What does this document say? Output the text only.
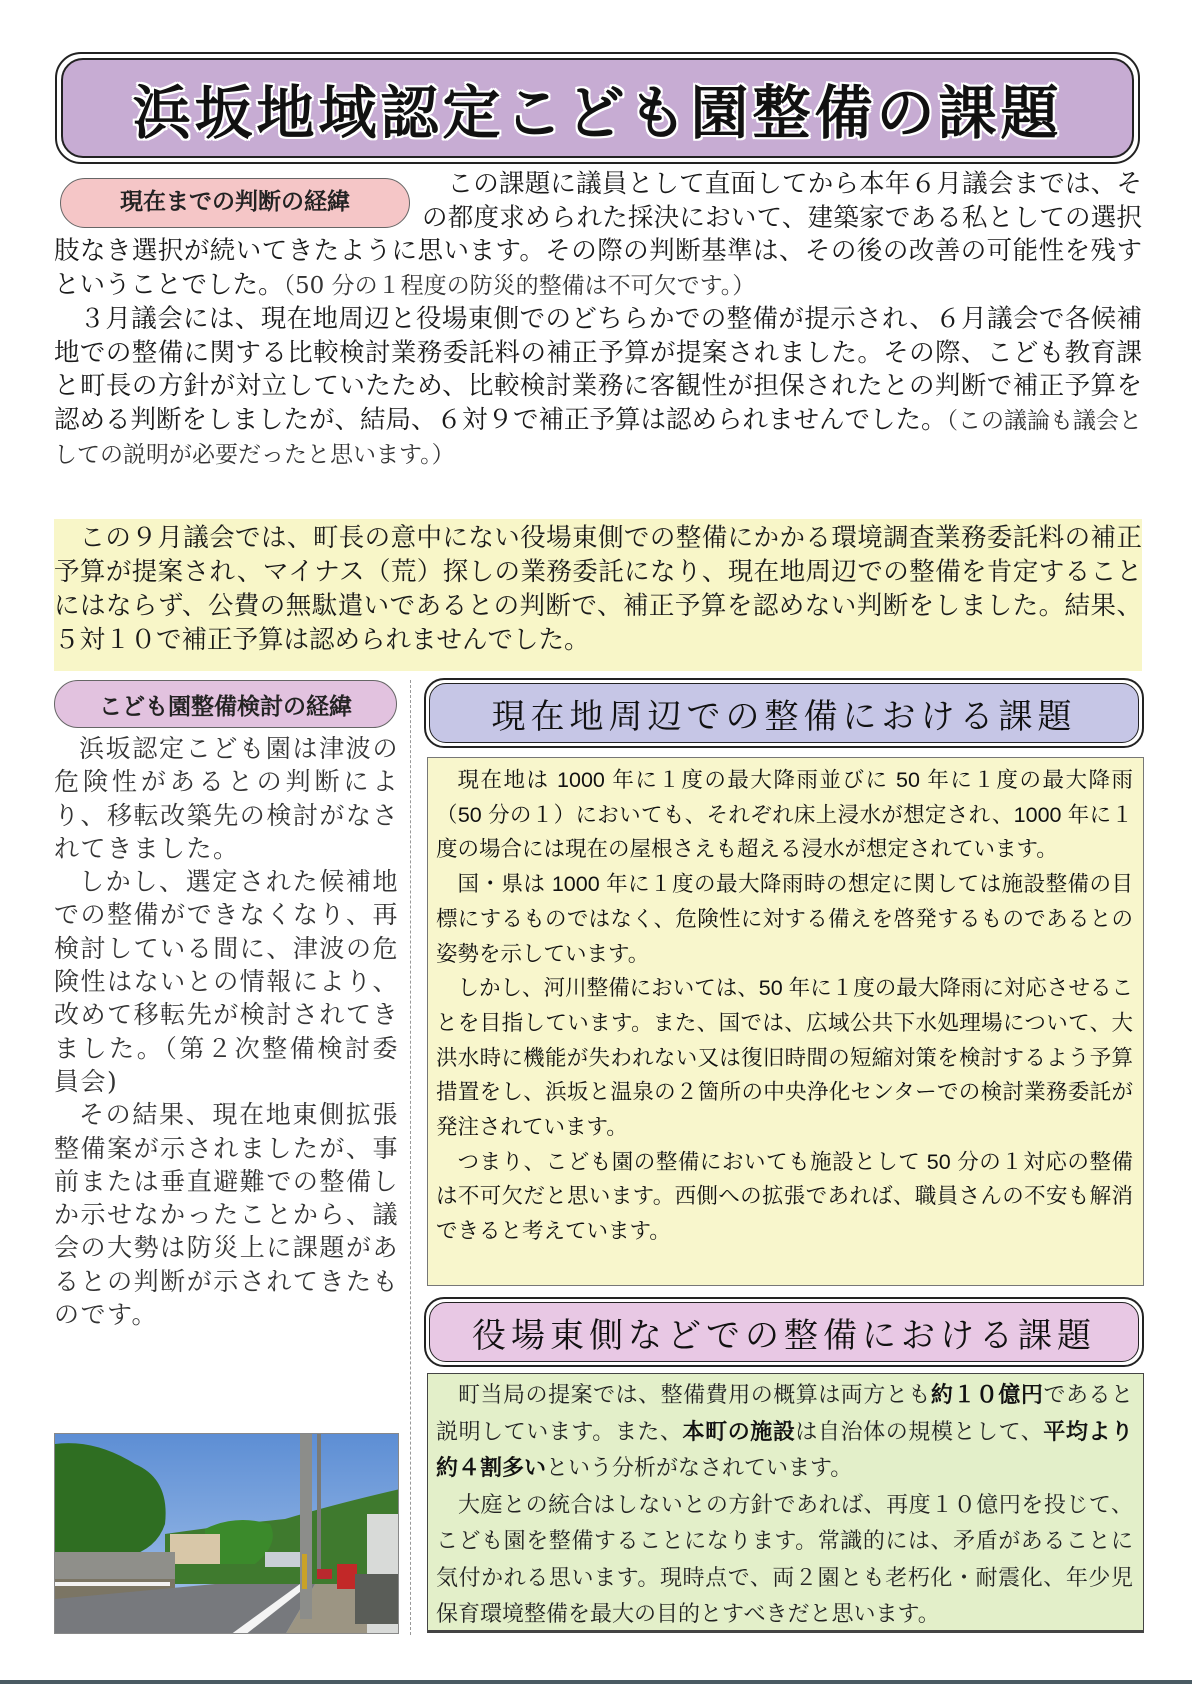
浜坂地域認定こども園整備の課題
現在までの判断の経緯

この課題に議員として直面してから本年６月議会までは、その都度求められた採決において、建築家である私としての選択肢なき選択が続いてきたように思います。その際の判断基準は、その後の改善の可能性を残すということでした。（50 分の１程度の防災的整備は不可欠です。）

３月議会には、現在地周辺と役場東側でのどちらかでの整備が提示され、６月議会で各候補地での整備に関する比較検討業務委託料の補正予算が提案されました。その際、こども教育課と町長の方針が対立していたため、比較検討業務に客観性が担保されたとの判断で補正予算を認める判断をしましたが、結局、６対９で補正予算は認められませんでした。（この議論も議会としての説明が必要だったと思います。）

この９月議会では、町長の意中にない役場東側での整備にかかる環境調査業務委託料の補正予算が提案され、マイナス（荒）探しの業務委託になり、現在地周辺での整備を肯定することにはならず、公費の無駄遣いであるとの判断で、補正予算を認めない判断をしました。結果、５対１０で補正予算は認められませんでした。

こども園整備検討の経緯

浜坂認定こども園は津波の危険性があるとの判断により、移転改築先の検討がなされてきました。

しかし、選定された候補地での整備ができなくなり、再検討している間に、津波の危険性はないとの情報により、改めて移転先が検討されてきました。（第２次整備検討委員会)

その結果、現在地東側拡張整備案が示されましたが、事前または垂直避難での整備しか示せなかったことから、議会の大勢は防災上に課題があるとの判断が示されてきたものです。

現在地周辺での整備における課題

現在地は 1000 年に１度の最大降雨並びに 50 年に１度の最大降雨（50 分の１）においても、それぞれ床上浸水が想定され、1000 年に１度の場合には現在の屋根さえも超える浸水が想定されています。

国・県は 1000 年に１度の最大降雨時の想定に関しては施設整備の目標にするものではなく、危険性に対する備えを啓発するものであるとの姿勢を示しています。

しかし、河川整備においては、50 年に１度の最大降雨に対応させることを目指しています。また、国では、広域公共下水処理場について、大洪水時に機能が失われない又は復旧時間の短縮対策を検討するよう予算措置をし、浜坂と温泉の２箇所の中央浄化センターでの検討業務委託が発注されています。

つまり、こども園の整備においても施設として 50 分の１対応の整備は不可欠だと思います。西側への拡張であれば、職員さんの不安も解消できると考えています。

役場東側などでの整備における課題

町当局の提案では、整備費用の概算は両方とも約１０億円であると説明しています。また、本町の施設は自治体の規模として、平均より約４割多いという分析がなされています。

大庭との統合はしないとの方針であれば、再度１０億円を投じて、こども園を整備することになります。常識的には、矛盾があることに気付かれる思います。現時点で、両２園とも老朽化・耐震化、年少児保育環境整備を最大の目的とすべきだと思います。
